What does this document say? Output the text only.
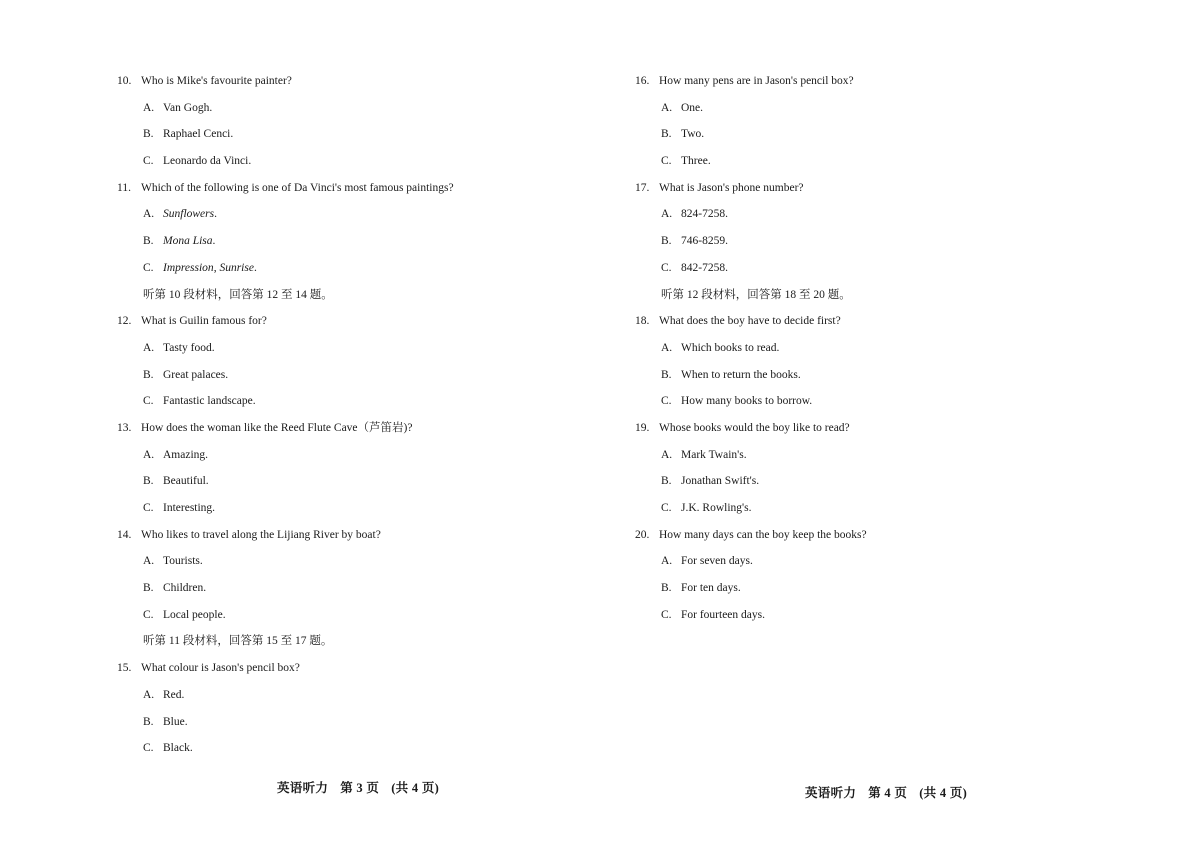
10. Who is Mike's favourite painter?
A. Van Gogh.
B. Raphael Cenci.
C. Leonardo da Vinci.
11. Which of the following is one of Da Vinci's most famous paintings?
A. Sunflowers.
B. Mona Lisa.
C. Impression, Sunrise.
听第 10 段材料，回答第 12 至 14 题。
12. What is Guilin famous for?
A. Tasty food.
B. Great palaces.
C. Fantastic landscape.
13. How does the woman like the Reed Flute Cave（芦笛岩)?
A. Amazing.
B. Beautiful.
C. Interesting.
14. Who likes to travel along the Lijiang River by boat?
A. Tourists.
B. Children.
C. Local people.
听第 11 段材料，回答第 15 至 17 题。
15. What colour is Jason's pencil box?
A. Red.
B. Blue.
C. Black.
英语听力 第 3 页 (共 4 页)
16. How many pens are in Jason's pencil box?
A. One.
B. Two.
C. Three.
17. What is Jason's phone number?
A. 824-7258.
B. 746-8259.
C. 842-7258.
听第 12 段材料，回答第 18 至 20 题。
18. What does the boy have to decide first?
A. Which books to read.
B. When to return the books.
C. How many books to borrow.
19. Whose books would the boy like to read?
A. Mark Twain's.
B. Jonathan Swift's.
C. J.K. Rowling's.
20. How many days can the boy keep the books?
A. For seven days.
B. For ten days.
C. For fourteen days.
英语听力 第 4 页 (共 4 页)
